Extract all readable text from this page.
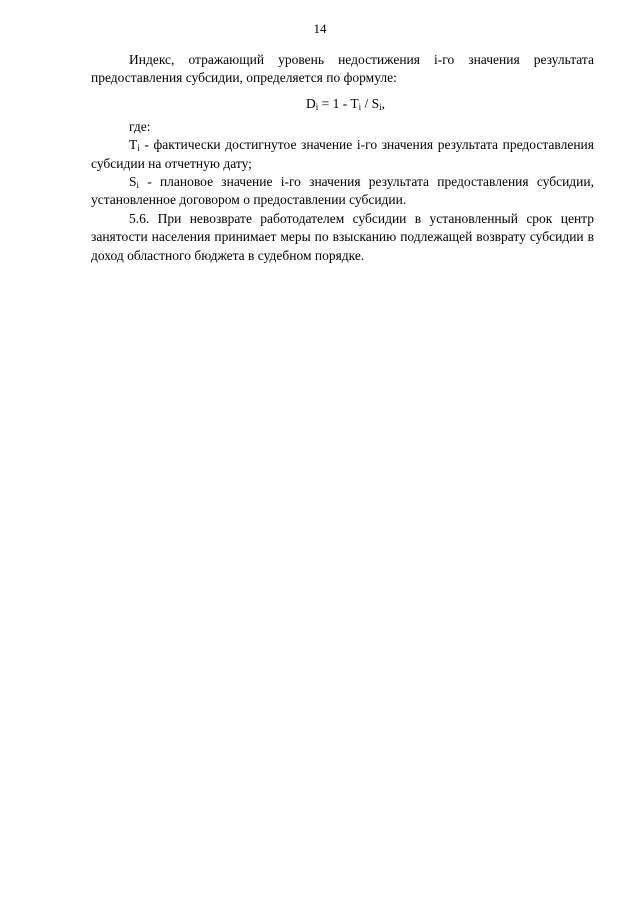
14

Индекс, отражающий уровень недостижения i-го значения результата предоставления субсидии, определяется по формуле:

$D_i = 1 - T_i / S_i$,

где:

$T_i$ - фактически достигнутое значение i-го значения результата предоставления субсидии на отчетную дату;

$S_i$ - плановое значение i-го значения результата предоставления субсидии, установленное договором о предоставлении субсидии.

5.6. При невозврате работодателем субсидии в установленный срок центр занятости населения принимает меры по взысканию подлежащей возврату субсидии в доход областного бюджета в судебном порядке.
